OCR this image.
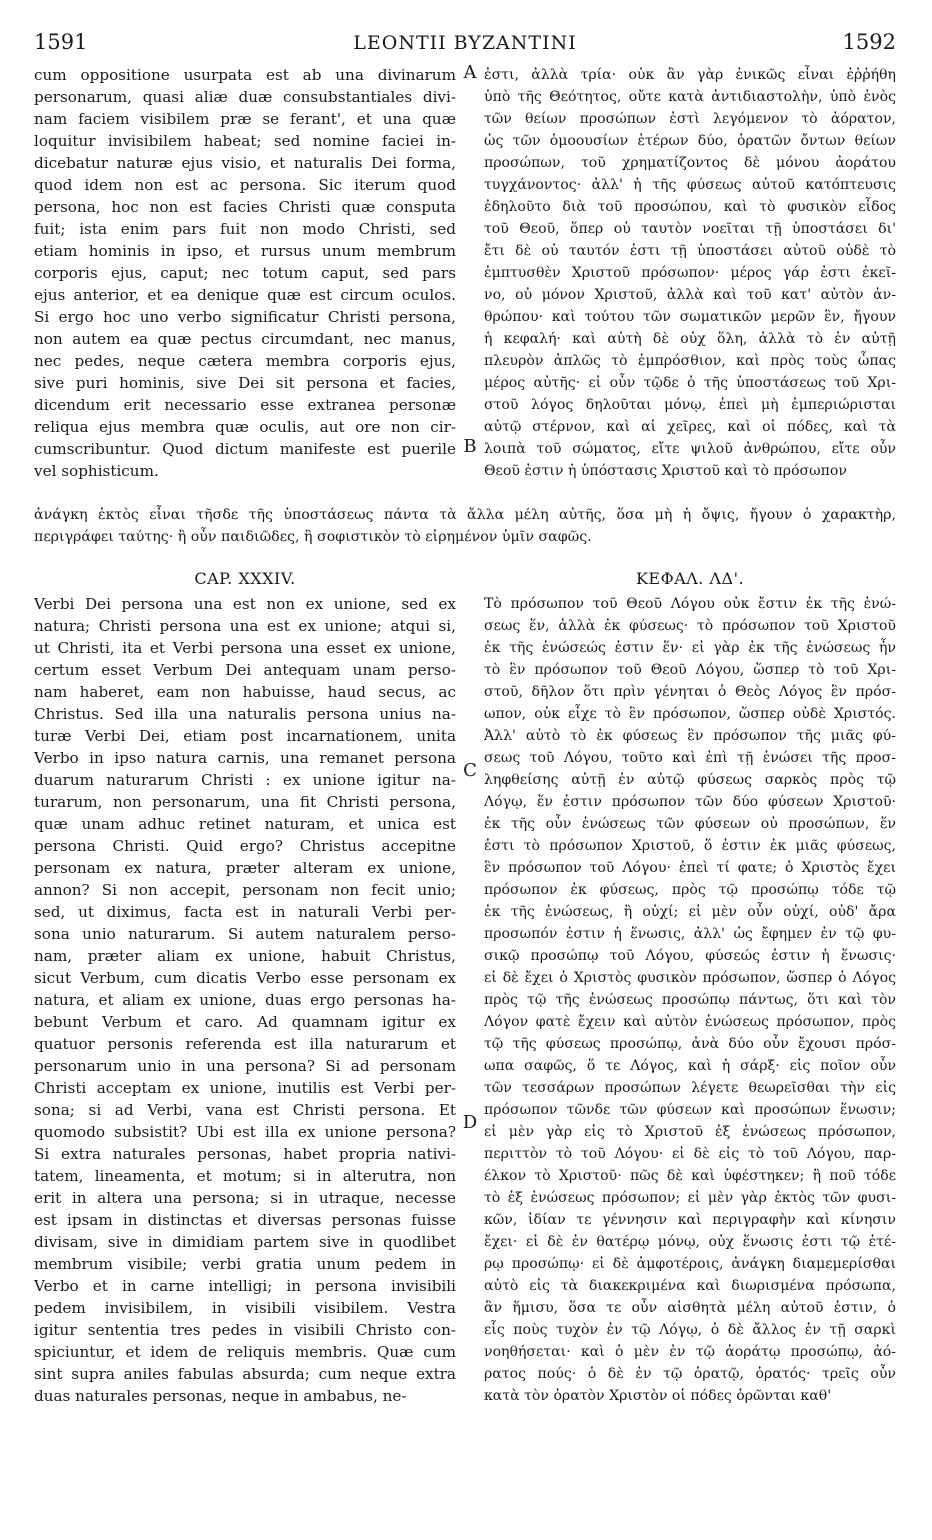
1591	LEONTII BYZANTINI	1592
A
B
C
D
cum oppositione usurpata est ab una divinarum
personarum, quasi aliæ duæ consubstantiales divi-
nam faciem visibilem præ se ferant', et una quæ
loquitur invisibilem habeat; sed nomine faciei in-
dicebatur naturæ ejus visio, et naturalis Dei forma,
quod idem non est ac persona. Sic iterum quod
persona, hoc non est facies Christi quæ consputa
fuit; ista enim pars fuit non modo Christi, sed
etiam hominis in ipso, et rursus unum membrum
corporis ejus, caput; nec totum caput, sed pars
ejus anterior, et ea denique quæ est circum oculos.
Si ergo hoc uno verbo significatur Christi persona,
non autem ea quæ pectus circumdant, nec manus,
nec pedes, neque cætera membra corporis ejus,
sive puri hominis, sive Dei sit persona et facies,
dicendum erit necessario esse extranea personæ
reliqua ejus membra quæ oculis, aut ore non cir-
cumscribuntur. Quod dictum manifeste est puerile
vel sophisticum.
ἐστι, ἀλλὰ τρία· οὐκ ἂν γὰρ ἐνικῶς εἶναι ἐῤῥήθη
ὑπὸ τῆς Θεότητος, οὔτε κατὰ ἀντιδιαστολὴν, ὑπὸ ἑνὸς
τῶν θείων προσώπων ἐστὶ λεγόμενον τὸ ἀόρατον,
ὡς τῶν ὁμοουσίων ἑτέρων δύο, ὁρατῶν ὄντων θείων
προσώπων, τοῦ χρηματίζοντος δὲ μόνου ἀοράτου
τυγχάνοντος· ἀλλ' ἡ τῆς φύσεως αὐτοῦ κατόπτευσις
ἐδηλοῦτο διὰ τοῦ προσώπου, καὶ τὸ φυσικὸν εἶδος
τοῦ Θεοῦ, ὅπερ οὐ ταυτὸν νοεῖται τῇ ὑποστάσει δι'
ἔτι δὲ οὐ ταυτόν ἐστι τῇ ὑποστάσει αὐτοῦ οὐδὲ τὸ
ἐμπτυσθὲν Χριστοῦ πρόσωπον· μέρος γάρ ἐστι ἐκεῖ-
νο, οὐ μόνον Χριστοῦ, ἀλλὰ καὶ τοῦ κατ' αὐτὸν ἀν-
θρώπου· καὶ τούτου τῶν σωματικῶν μερῶν ἓν, ἤγουν
ἡ κεφαλή· καὶ αὐτὴ δὲ οὐχ ὅλη, ἀλλὰ τὸ ἐν αὐτῇ
πλευρὸν ἁπλῶς τὸ ἐμπρόσθιον, καὶ πρὸς τοὺς ὦπας
μέρος αὐτῆς· εἰ οὖν τῷδε ὁ τῆς ὑποστάσεως τοῦ Χρι-
στοῦ λόγος δηλοῦται μόνῳ, ἐπεὶ μὴ ἐμπεριώρισται
αὐτῷ στέρνον, καὶ αἱ χεῖρες, καὶ οἱ πόδες, καὶ τὰ
λοιπὰ τοῦ σώματος, εἴτε ψιλοῦ ἀνθρώπου, εἴτε οὖν
Θεοῦ ἐστιν ἡ ὑπόστασις Χριστοῦ καὶ τὸ πρόσωπον
ἀνάγκη ἐκτὸς εἶναι τῆσδε τῆς ὑποστάσεως πάντα τὰ ἄλλα μέλη αὐτῆς, ὅσα μὴ ἡ ὄψις, ἤγουν ὁ χαρακτὴρ,
περιγράφει ταύτης· ἢ οὖν παιδιῶδες, ἢ σοφιστικὸν τὸ εἰρημένον ὑμῖν σαφῶς.
CAP. XXXIV.	ΚΕΦΑΛ. ΛΔ'.
Verbi Dei persona una est non ex unione, sed ex
natura; Christi persona una est ex unione; atqui si,
ut Christi, ita et Verbi persona una esset ex unione,
certum esset Verbum Dei antequam unam perso-
nam haberet, eam non habuisse, haud secus, ac
Christus. Sed illa una naturalis persona unius na-
turæ Verbi Dei, etiam post incarnationem, unita
Verbo in ipso natura carnis, una remanet persona
duarum naturarum Christi : ex unione igitur na-
turarum, non personarum, una fit Christi persona,
quæ unam adhuc retinet naturam, et unica est
persona Christi. Quid ergo? Christus accepitne
personam ex natura, præter alteram ex unione,
annon? Si non accepit, personam non fecit unio;
sed, ut diximus, facta est in naturali Verbi per-
sona unio naturarum. Si autem naturalem perso-
nam, præter aliam ex unione, habuit Christus,
sicut Verbum, cum dicatis Verbo esse personam ex
natura, et aliam ex unione, duas ergo personas ha-
bebunt Verbum et caro. Ad quamnam igitur ex
quatuor personis referenda est illa naturarum et
personarum unio in una persona? Si ad personam
Christi acceptam ex unione, inutilis est Verbi per-
sona; si ad Verbi, vana est Christi persona. Et
quomodo subsistit? Ubi est illa ex unione persona?
Si extra naturales personas, habet propria nativi-
tatem, lineamenta, et motum; si in alterutra, non
erit in altera una persona; si in utraque, necesse
est ipsam in distinctas et diversas personas fuisse
divisam, sive in dimidiam partem sive in quodlibet
membrum visibile; verbi gratia unum pedem in
Verbo et in carne intelligi; in persona invisibili
pedem invisibilem, in visibili visibilem. Vestra
igitur sententia tres pedes in visibili Christo con-
spiciuntur, et idem de reliquis membris. Quæ cum
sint supra aniles fabulas absurda; cum neque extra
duas naturales personas, neque in ambabus, ne-
Τὸ πρόσωπον τοῦ Θεοῦ Λόγου οὐκ ἔστιν ἐκ τῆς ἑνώ-
σεως ἕν, ἀλλὰ ἐκ φύσεως· τὸ πρόσωπον τοῦ Χριστοῦ
ἐκ τῆς ἑνώσεώς ἐστιν ἕν· εἰ γὰρ ἐκ τῆς ἑνώσεως ἦν
τὸ ἓν πρόσωπον τοῦ Θεοῦ Λόγου, ὥσπερ τὸ τοῦ Χρι-
στοῦ, δῆλον ὅτι πρὶν γένηται ὁ Θεὸς Λόγος ἓν πρόσ-
ωπον, οὐκ εἶχε τὸ ἓν πρόσωπον, ὥσπερ οὐδὲ Χριστός.
Ἀλλ' αὐτὸ τὸ ἐκ φύσεως ἓν πρόσωπον τῆς μιᾶς φύ-
σεως τοῦ Λόγου, τοῦτο καὶ ἐπὶ τῇ ἑνώσει τῆς προσ-
ληφθείσης αὐτῇ ἐν αὐτῷ φύσεως σαρκὸς πρὸς τῷ
Λόγῳ, ἕν ἐστιν πρόσωπον τῶν δύο φύσεων Χριστοῦ·
ἐκ τῆς οὖν ἑνώσεως τῶν φύσεων οὐ προσώπων, ἕν
ἐστι τὸ πρόσωπον Χριστοῦ, ὅ ἐστιν ἐκ μιᾶς φύσεως,
ἓν πρόσωπον τοῦ Λόγου· ἐπεὶ τί φατε; ὁ Χριστὸς ἔχει
πρόσωπον ἐκ φύσεως, πρὸς τῷ προσώπῳ τόδε τῷ
ἐκ τῆς ἑνώσεως, ἢ οὐχί; εἰ μὲν οὖν οὐχί, οὐδ' ἄρα
προσωπόν ἐστιν ἡ ἕνωσις, ἀλλ' ὡς ἔφημεν ἐν τῷ φυ-
σικῷ προσώπῳ τοῦ Λόγου, φύσεώς ἐστιν ἡ ἕνωσις·
εἰ δὲ ἔχει ὁ Χριστὸς φυσικὸν πρόσωπον, ὥσπερ ὁ Λόγος
πρὸς τῷ τῆς ἑνώσεως προσώπῳ πάντως, ὅτι καὶ τὸν
Λόγον φατὲ ἔχειν καὶ αὐτὸν ἑνώσεως πρόσωπον, πρὸς
τῷ τῆς φύσεως προσώπῳ, ἀνὰ δύο οὖν ἔχουσι πρόσ-
ωπα σαφῶς, ὅ τε Λόγος, καὶ ἡ σάρξ· εἰς ποῖον οὖν
τῶν τεσσάρων προσώπων λέγετε θεωρεῖσθαι τὴν εἰς
πρόσωπον τῶνδε τῶν φύσεων καὶ προσώπων ἕνωσιν;
εἰ μὲν γὰρ εἰς τὸ Χριστοῦ ἐξ ἑνώσεως πρόσωπον,
περιττὸν τὸ τοῦ Λόγου· εἰ δὲ εἰς τὸ τοῦ Λόγου, παρ-
έλκον τὸ Χριστοῦ· πῶς δὲ καὶ ὑφέστηκεν; ἢ ποῦ τόδε
τὸ ἐξ ἑνώσεως πρόσωπον; εἰ μὲν γὰρ ἐκτὸς τῶν φυσι-
κῶν, ἰδίαν τε γέννησιν καὶ περιγραφὴν καὶ κίνησιν
ἔχει· εἰ δὲ ἐν θατέρῳ μόνῳ, οὐχ ἕνωσις ἐστι τῷ ἐτέ-
ρῳ προσώπῳ· εἰ δὲ ἀμφοτέροις, ἀνάγκη διαμεμερίσθαι
αὐτὸ εἰς τὰ διακεκριμένα καὶ διωρισμένα πρόσωπα,
ἂν ἥμισυ, ὅσα τε οὖν αἰσθητὰ μέλη αὐτοῦ ἐστιν, ὁ
εἷς ποὺς τυχὸν ἐν τῷ Λόγῳ, ὁ δὲ ἄλλος ἐν τῇ σαρκὶ
νοηθήσεται· καὶ ὁ μὲν ἐν τῷ ἀοράτῳ προσώπῳ, ἀό-
ρατος πούς· ὁ δὲ ἐν τῷ ὁρατῷ, ὁρατός· τρεῖς οὖν
κατὰ τὸν ὁρατὸν Χριστὸν οἱ πόδες ὁρῶνται καθ'
